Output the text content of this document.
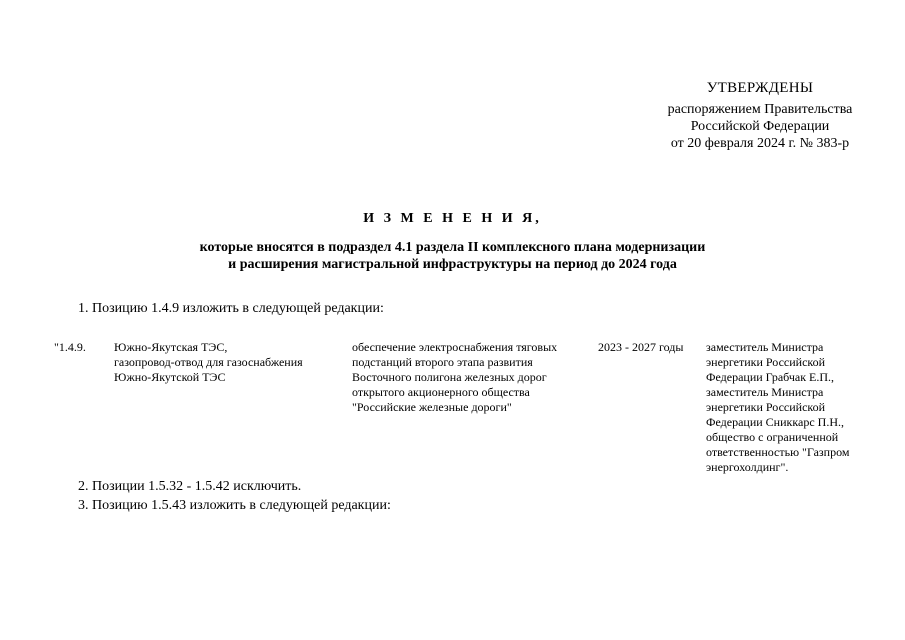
УТВЕРЖДЕНЫ
распоряжением Правительства
Российской Федерации
от 20 февраля 2024 г. № 383-р
И З М Е Н Е Н И Я,
которые вносятся в подраздел 4.1 раздела II комплексного плана модернизации
и расширения магистральной инфраструктуры на период до 2024 года
1. Позицию 1.4.9 изложить в следующей редакции:
"1.4.9.	Южно-Якутская ТЭС,
газопровод-отвод для газоснабжения
Южно-Якутской ТЭС
обеспечение электроснабжения тяговых
подстанций второго этапа развития
Восточного полигона железных дорог
открытого акционерного общества
"Российские железные дороги"
2023 - 2027 годы	заместитель Министра
энергетики Российской
Федерации Грабчак Е.П.,
заместитель Министра
энергетики Российской
Федерации Сниккарс П.Н.,
общество с ограниченной
ответственностью "Газпром
энергохолдинг".
2. Позиции 1.5.32 - 1.5.42 исключить.
3. Позицию 1.5.43 изложить в следующей редакции:
